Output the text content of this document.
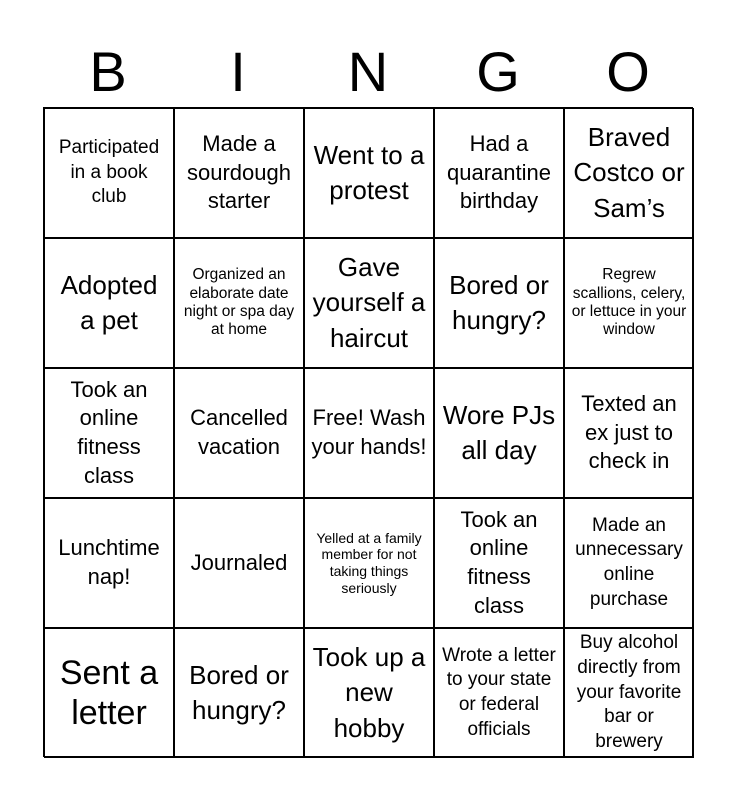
B	I	N	G	O
Participated in a book club
Made a sourdough starter
Went to a protest
Had a quarantine birthday
Braved Costco or Sam’s
Adopted a pet
Organized an elaborate date night or spa day at home
Gave yourself a haircut
Bored or hungry?
Regrew scallions, celery, or lettuce in your window
Took an online fitness class
Cancelled vacation
Free! Wash your hands!
Wore PJs all day
Texted an ex just to check in
Lunchtime nap!
Journaled
Yelled at a family member for not taking things seriously
Took an online fitness class
Made an unnecessary online purchase
Sent a letter
Bored or hungry?
Took up a new hobby
Wrote a letter to your state or federal officials
Buy alcohol directly from your favorite bar or brewery
